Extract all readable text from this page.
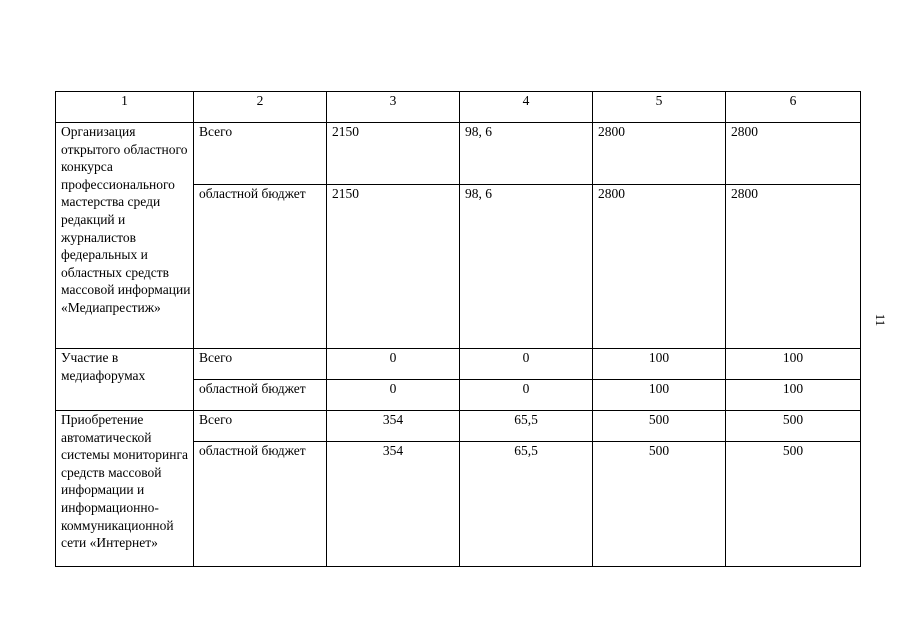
11
1	2	3	4	5	6
Организация открытого областного конкурса профессионального мастерства среди редакций и журналистов федеральных и областных средств массовой информации «Медиапрестиж»	Всего	2150	98, 6	2800	2800
	областной бюджет	2150	98, 6	2800	2800
Участие в медиафорумах	Всего	0	0	100	100
	областной бюджет	0	0	100	100
Приобретение автоматической системы мониторинга средств массовой информации и информационно-коммуникационной сети «Интернет»	Всего	354	65,5	500	500
	областной бюджет	354	65,5	500	500
